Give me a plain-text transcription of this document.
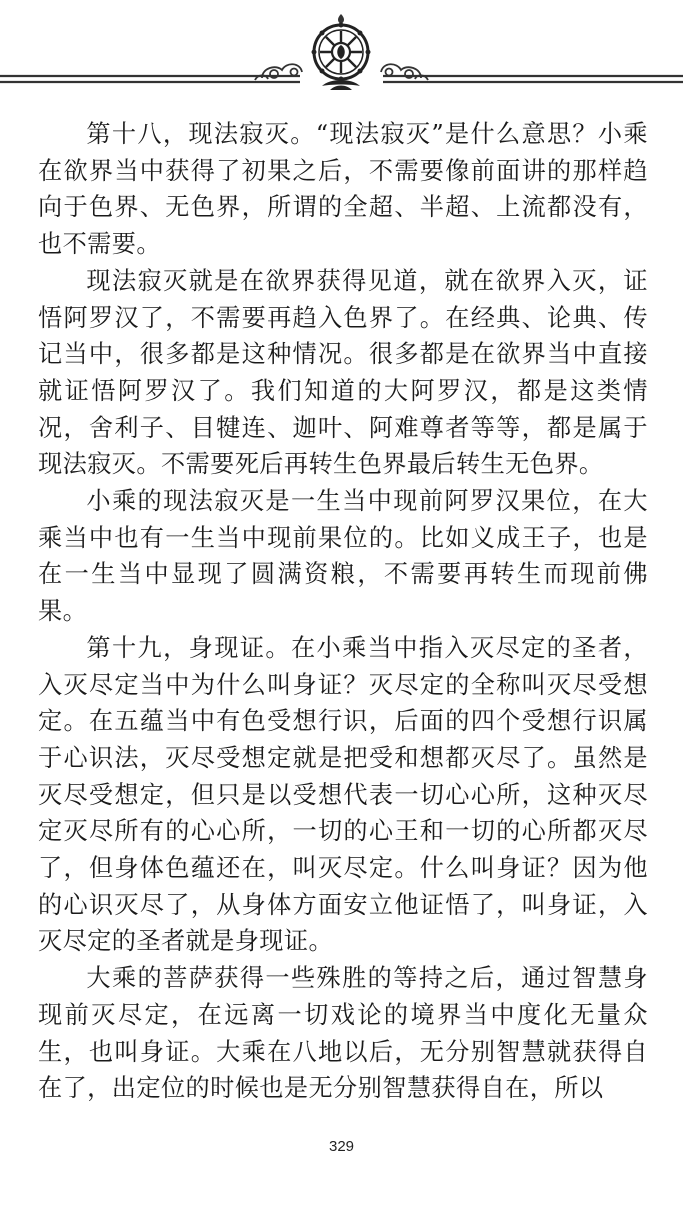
第十八，现法寂灭。“现法寂灭”是什么意思？小乘在欲界当中获得了初果之后，不需要像前面讲的那样趋向于色界、无色界，所谓的全超、半超、上流都没有，也不需要。

现法寂灭就是在欲界获得见道，就在欲界入灭，证悟阿罗汉了，不需要再趋入色界了。在经典、论典、传记当中，很多都是这种情况。很多都是在欲界当中直接就证悟阿罗汉了。我们知道的大阿罗汉，都是这类情况，舍利子、目犍连、迦叶、阿难尊者等等，都是属于现法寂灭。不需要死后再转生色界最后转生无色界。

小乘的现法寂灭是一生当中现前阿罗汉果位，在大乘当中也有一生当中现前果位的。比如义成王子，也是在一生当中显现了圆满资粮，不需要再转生而现前佛果。

第十九，身现证。在小乘当中指入灭尽定的圣者，入灭尽定当中为什么叫身证？灭尽定的全称叫灭尽受想定。在五蕴当中有色受想行识，后面的四个受想行识属于心识法，灭尽受想定就是把受和想都灭尽了。虽然是灭尽受想定，但只是以受想代表一切心心所，这种灭尽定灭尽所有的心心所，一切的心王和一切的心所都灭尽了，但身体色蕴还在，叫灭尽定。什么叫身证？因为他的心识灭尽了，从身体方面安立他证悟了，叫身证，入灭尽定的圣者就是身现证。

大乘的菩萨获得一些殊胜的等持之后，通过智慧身现前灭尽定，在远离一切戏论的境界当中度化无量众生，也叫身证。大乘在八地以后，无分别智慧就获得自在了，出定位的时候也是无分别智慧获得自在，所以

329
